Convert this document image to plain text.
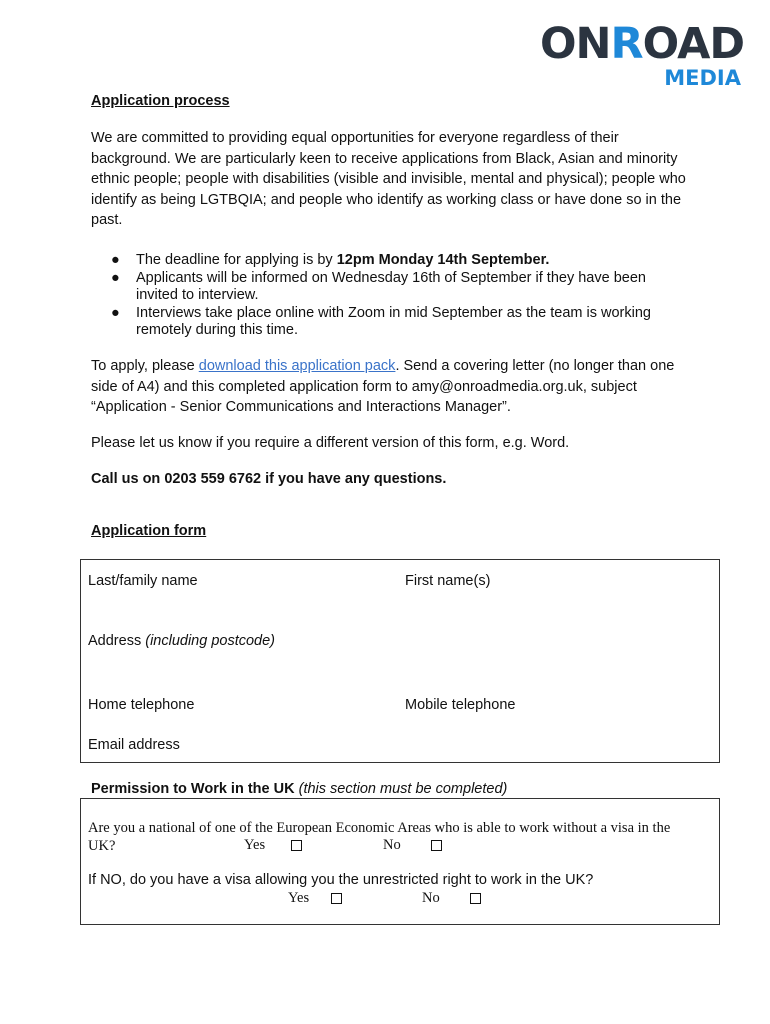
ONROAD
MEDIA
Application process
We are committed to providing equal opportunities for everyone regardless of their background. We are particularly keen to receive applications from Black, Asian and minority ethnic people; people with disabilities (visible and invisible, mental and physical); people who identify as being LGTBQIA; and people who identify as working class or have done so in the past.
● The deadline for applying is by 12pm Monday 14th September.
● Applicants will be informed on Wednesday 16th of September if they have been invited to interview.
● Interviews take place online with Zoom in mid September as the team is working remotely during this time.
To apply, please download this application pack. Send a covering letter (no longer than one side of A4) and this completed application form to amy@onroadmedia.org.uk, subject “Application - Senior Communications and Interactions Manager”.
Please let us know if you require a different version of this form, e.g. Word.
Call us on 0203 559 6762 if you have any questions.
Application form
Last/family name	First name(s)
Address (including postcode)
Home telephone	Mobile telephone
Email address
Permission to Work in the UK (this section must be completed)
Are you a national of one of the European Economic Areas who is able to work without a visa in the UK?	Yes	No
If NO, do you have a visa allowing you the unrestricted right to work in the UK?
Yes	No
